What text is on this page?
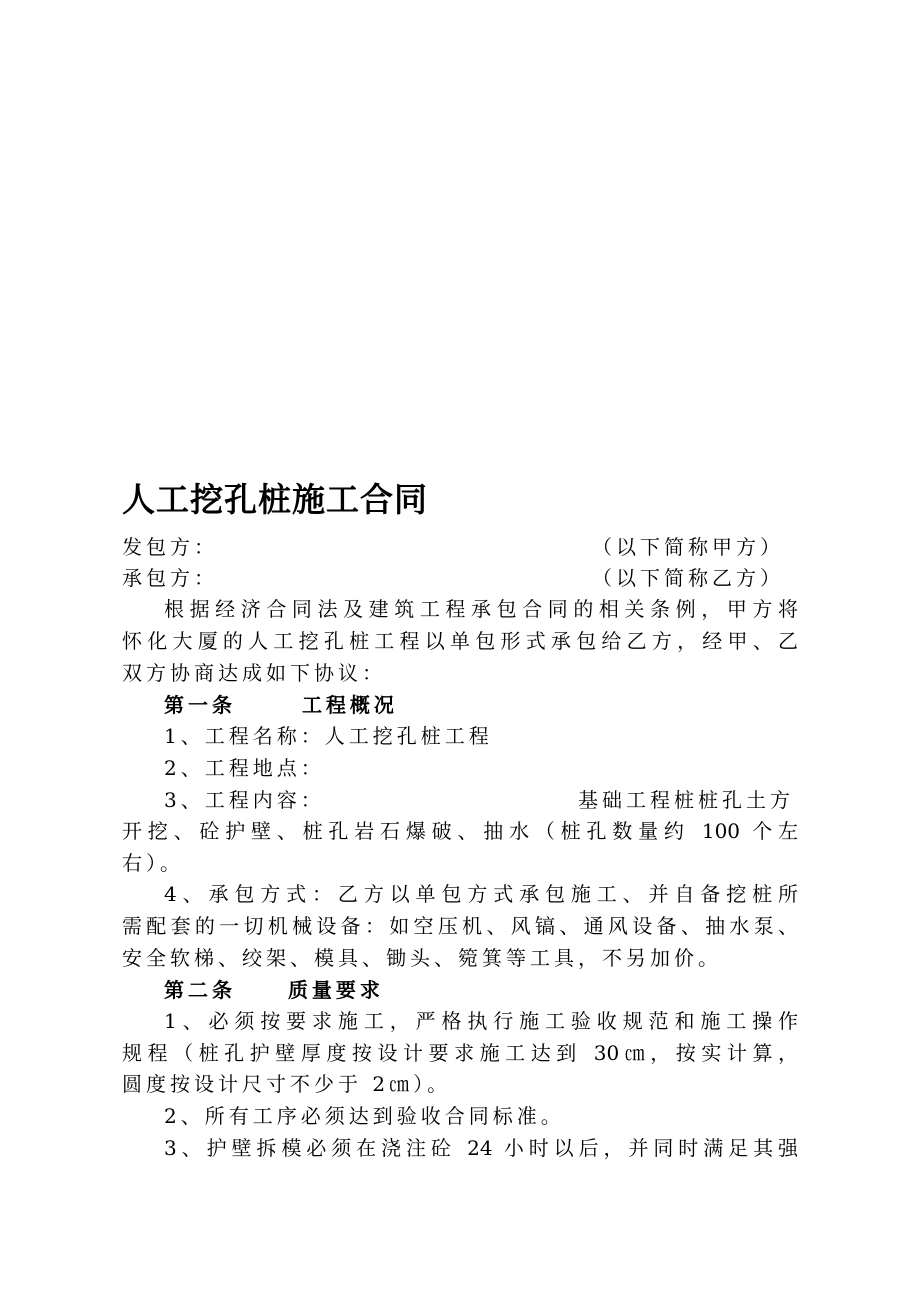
人工挖孔桩施工合同
发包方：	（以下简称甲方）
承包方：	（以下简称乙方）
根据经济合同法及建筑工程承包合同的相关条例，甲方将
怀化大厦的人工挖孔桩工程以单包形式承包给乙方，经甲、乙
双方协商达成如下协议：
第一条	工程概况
1、工程名称：人工挖孔桩工程
2、工程地点：
3、工程内容：	基础工程桩桩孔土方
开挖、砼护壁、桩孔岩石爆破、抽水（桩孔数量约 100 个左
右）。
4、承包方式：乙方以单包方式承包施工、并自备挖桩所
需配套的一切机械设备：如空压机、风镐、通风设备、抽水泵、
安全软梯、绞架、模具、锄头、箢箕等工具，不另加价。
第二条	质量要求
1、必须按要求施工，严格执行施工验收规范和施工操作
规程（桩孔护壁厚度按设计要求施工达到 30㎝，按实计算，
圆度按设计尺寸不少于 2㎝）。
2、所有工序必须达到验收合同标准。
3、护壁拆模必须在浇注砼 24 小时以后，并同时满足其强
